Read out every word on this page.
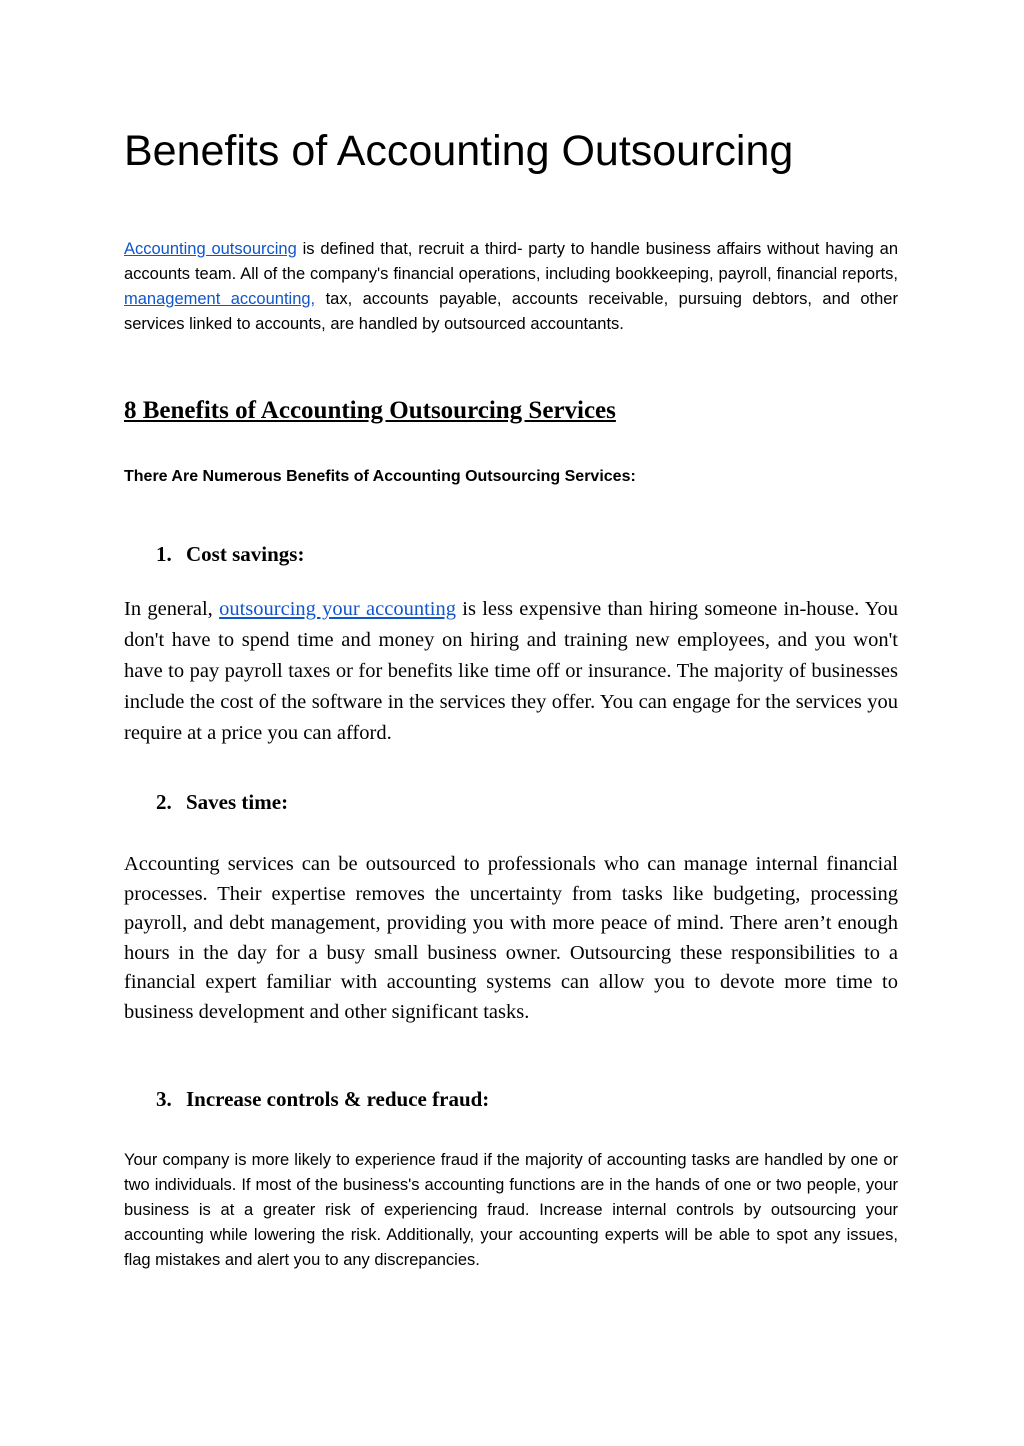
Benefits of Accounting Outsourcing

Accounting outsourcing is defined that, recruit a third- party to handle business affairs without having an accounts team. All of the company's financial operations, including bookkeeping, payroll, financial reports, management accounting, tax, accounts payable, accounts receivable, pursuing debtors, and other services linked to accounts, are handled by outsourced accountants.

8 Benefits of Accounting Outsourcing Services

There Are Numerous Benefits of Accounting Outsourcing Services:

1. Cost savings:

In general, outsourcing your accounting is less expensive than hiring someone in-house. You don't have to spend time and money on hiring and training new employees, and you won't have to pay payroll taxes or for benefits like time off or insurance. The majority of businesses include the cost of the software in the services they offer. You can engage for the services you require at a price you can afford.

2. Saves time:

Accounting services can be outsourced to professionals who can manage internal financial processes. Their expertise removes the uncertainty from tasks like budgeting, processing payroll, and debt management, providing you with more peace of mind. There aren’t enough hours in the day for a busy small business owner. Outsourcing these responsibilities to a financial expert familiar with accounting systems can allow you to devote more time to business development and other significant tasks.

3. Increase controls & reduce fraud:

Your company is more likely to experience fraud if the majority of accounting tasks are handled by one or two individuals. If most of the business's accounting functions are in the hands of one or two people, your business is at a greater risk of experiencing fraud. Increase internal controls by outsourcing your accounting while lowering the risk. Additionally, your accounting experts will be able to spot any issues, flag mistakes and alert you to any discrepancies.
